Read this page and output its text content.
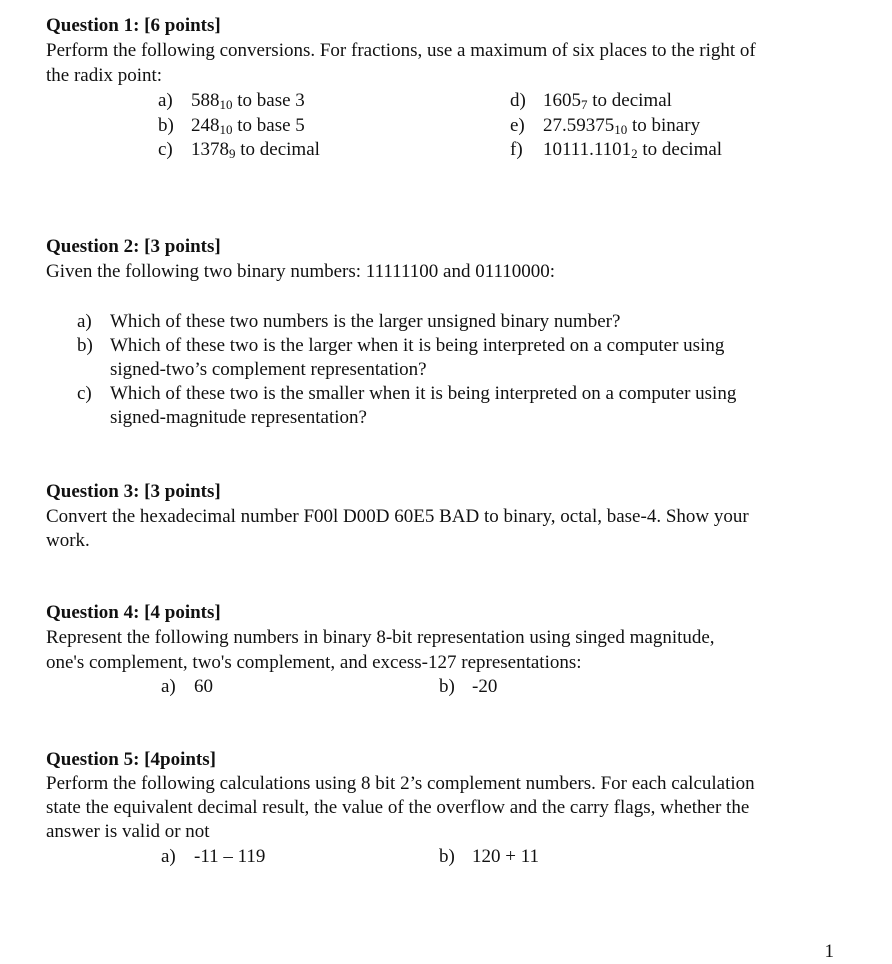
Question 1: [6 points]
Perform the following conversions. For fractions, use a maximum of six places to the right of
the radix point:
a) $588_{10}$ to base 3
b) $248_{10}$ to base 5
c) $1378_9$ to decimal
d) $1605_7$ to decimal
e) $27.59375_{10}$ to binary
f) $10111.1101_2$ to decimal
Question 2: [3 points]
Given the following two binary numbers: 11111100 and 01110000:
a) Which of these two numbers is the larger unsigned binary number?
b) Which of these two is the larger when it is being interpreted on a computer using
signed-two’s complement representation?
c) Which of these two is the smaller when it is being interpreted on a computer using
signed-magnitude representation?
Question 3: [3 points]
Convert the hexadecimal number F00l D00D 60E5 BAD to binary, octal, base-4. Show your
work.
Question 4: [4 points]
Represent the following numbers in binary 8-bit representation using singed magnitude,
one's complement, two's complement, and excess-127 representations:
a) 60	b) -20
Question 5: [4points]
Perform the following calculations using 8 bit 2’s complement numbers. For each calculation
state the equivalent decimal result, the value of the overflow and the carry flags, whether the
answer is valid or not
a) -11 – 119	b) 120 + 11
1
